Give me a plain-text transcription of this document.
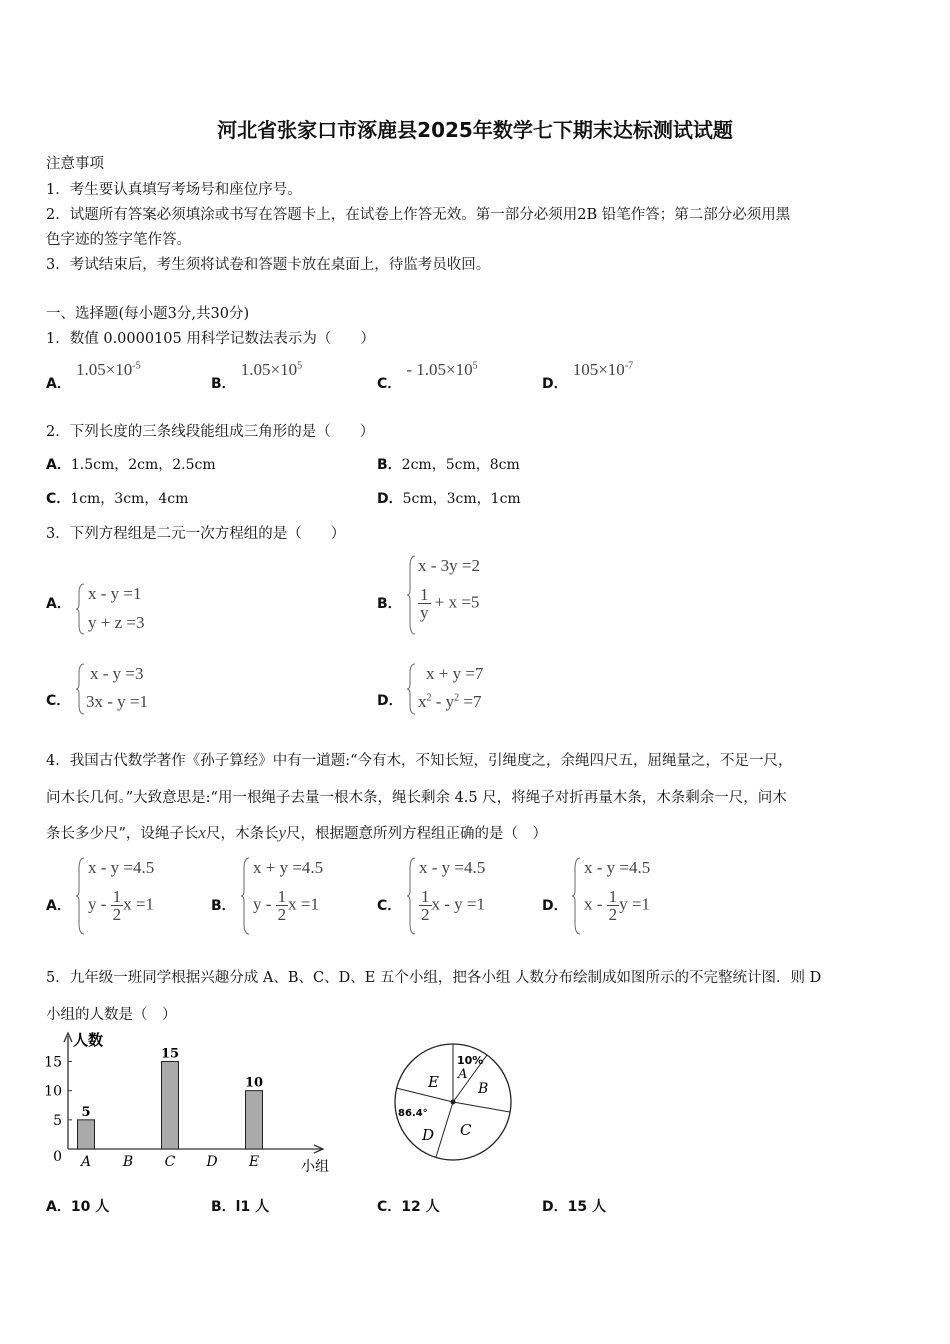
河北省张家口市涿鹿县2025年数学七下期末达标测试试题
注意事项
1．考生要认真填写考场号和座位序号。
2．试题所有答案必须填涂或书写在答题卡上，在试卷上作答无效。第一部分必须用2B 铅笔作答；第二部分必须用黑
色字迹的签字笔作答。
3．考试结束后，考生须将试卷和答题卡放在桌面上，待监考员收回。
一、选择题(每小题3分,共30分)
1．数值 0.0000105 用科学记数法表示为（　　）
A． $1.05\times 10^{-5}$
B． $1.05\times 10^5$
C． - $1.05\times 10^5$
D． $105\times 10^{-7}$
2．下列长度的三条线段能组成三角形的是（　　）
A．1.5cm，2cm，2.5cm	B．2cm，5cm，8cm
C．1cm，3cm，4cm	D．5cm，3cm，1cm
3．下列方程组是二元一次方程组的是（　　）
A．
x - y =1
y + z =3
B．
x - 3y =2
$\frac{1}{y} + x =5$
C．
x - y =3
3x - y =1	D．
x + y =7
$x^2 - y^2 =7$
4．我国古代数学著作《孙子算经》中有一道题:“今有木，不知长短，引绳度之，余绳四尺五，屈绳量之，不足一尺，
问木长几何。”大致意思是:“用一根绳子去量一根木条，绳长剩余 4.5 尺，将绳子对折再量木条，木条剩余一尺，问木
条长多少尺”，设绳子长x尺，木条长y尺，根据题意所列方程组正确的是（　）
A．
x - y =4.5
y - $\frac{1}{2}$ x =1	B．
x + y =4.5
y - $\frac{1}{2}$ x =1	C．
x - y =4.5
$\frac{1}{2}$ x - y =1	D．
x - y =4.5
x - $\frac{1}{2}$ y =1
5．九年级一班同学根据兴趣分成 A、B、C、D、E 五个小组，把各小组 人数分布绘制成如图所示的不完整统计图．则 D
小组的人数是（　）
人数
小组
0
5
10
15
A
5
B C
15
D E
10
10%
A
B
C
86.4°
D
E
A．10 人	B．l1 人	C．12 人	D．15 人
